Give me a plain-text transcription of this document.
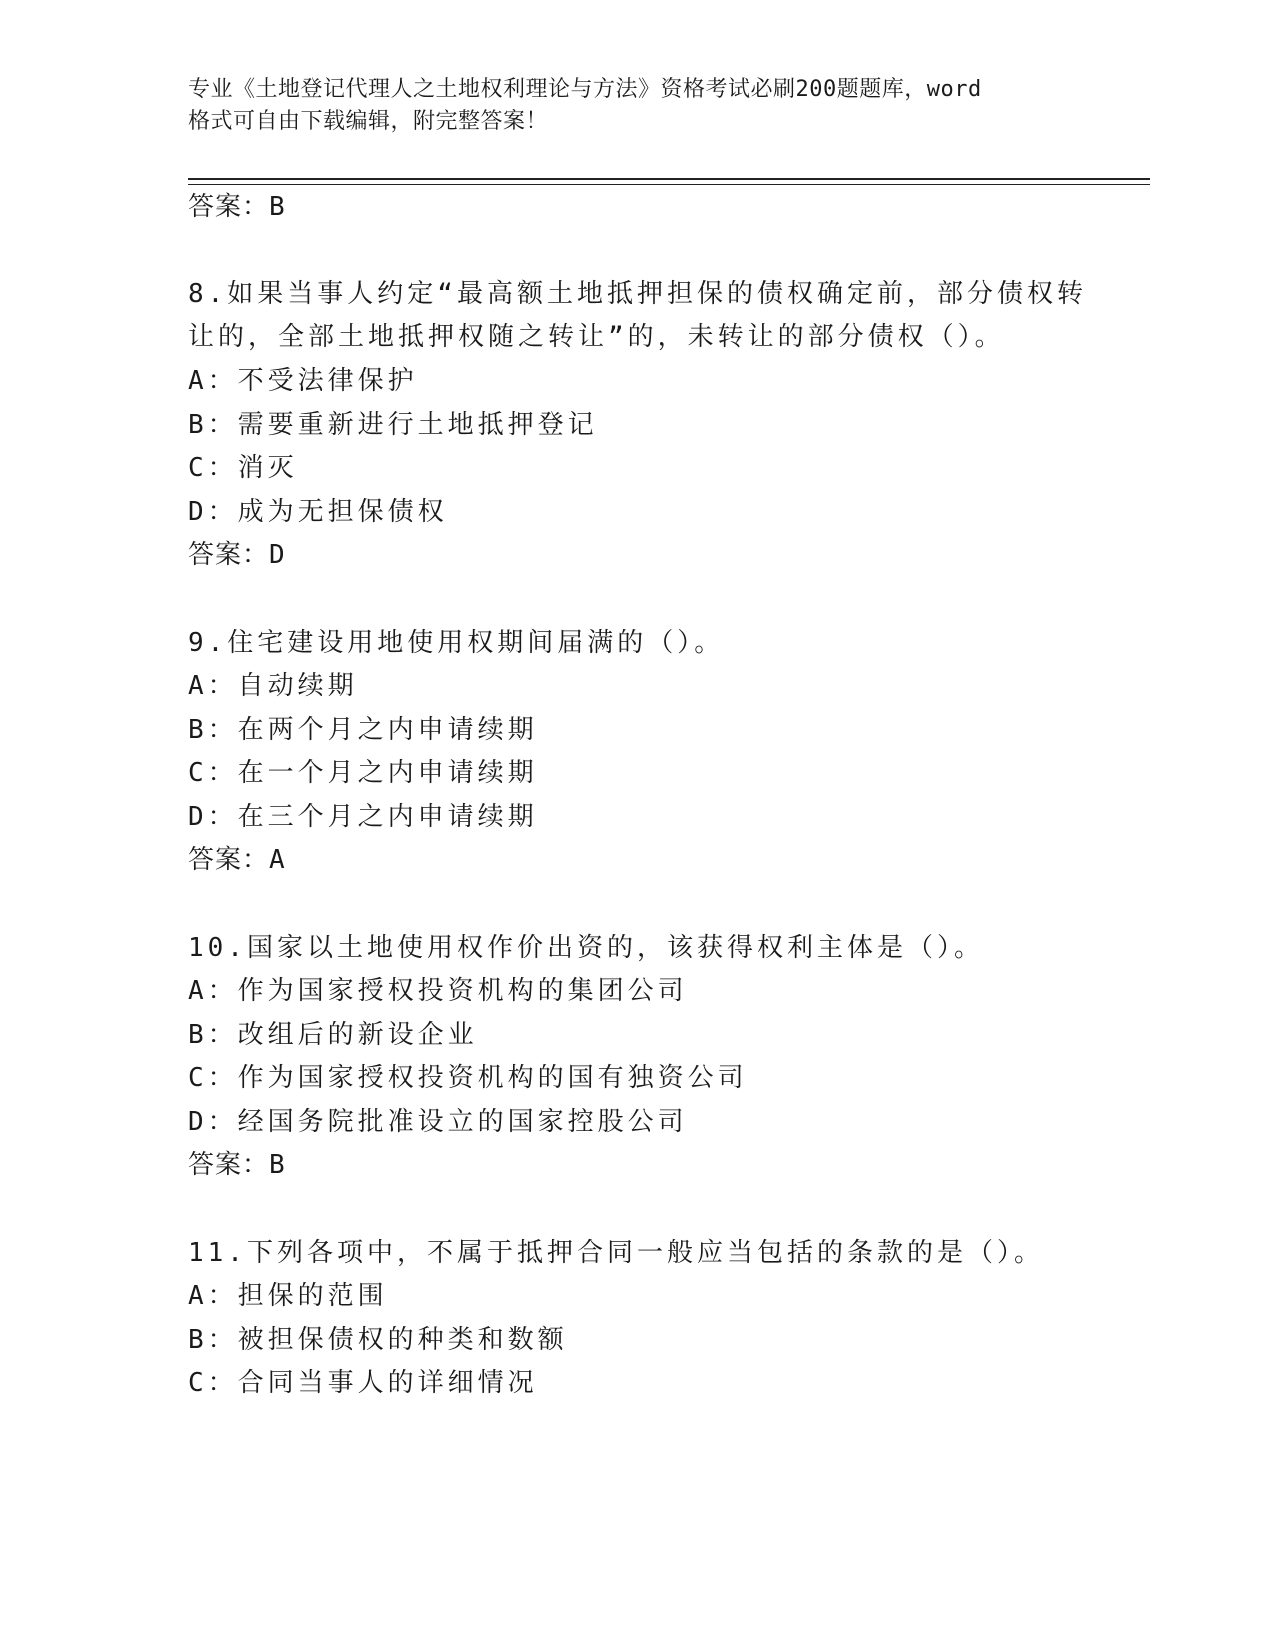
专业《土地登记代理人之土地权利理论与方法》资格考试必刷200题题库，word
格式可自由下载编辑，附完整答案！
答案：B
8.如果当事人约定“最高额土地抵押担保的债权确定前，部分债权转
让的，全部土地抵押权随之转让”的，未转让的部分债权（）。
A：不受法律保护
B：需要重新进行土地抵押登记
C：消灭
D：成为无担保债权
答案：D
9.住宅建设用地使用权期间届满的（）。
A：自动续期
B：在两个月之内申请续期
C：在一个月之内申请续期
D：在三个月之内申请续期
答案：A
10.国家以土地使用权作价出资的，该获得权利主体是（）。
A：作为国家授权投资机构的集团公司
B：改组后的新设企业
C：作为国家授权投资机构的国有独资公司
D：经国务院批准设立的国家控股公司
答案：B
11.下列各项中，不属于抵押合同一般应当包括的条款的是（）。
A：担保的范围
B：被担保债权的种类和数额
C：合同当事人的详细情况
